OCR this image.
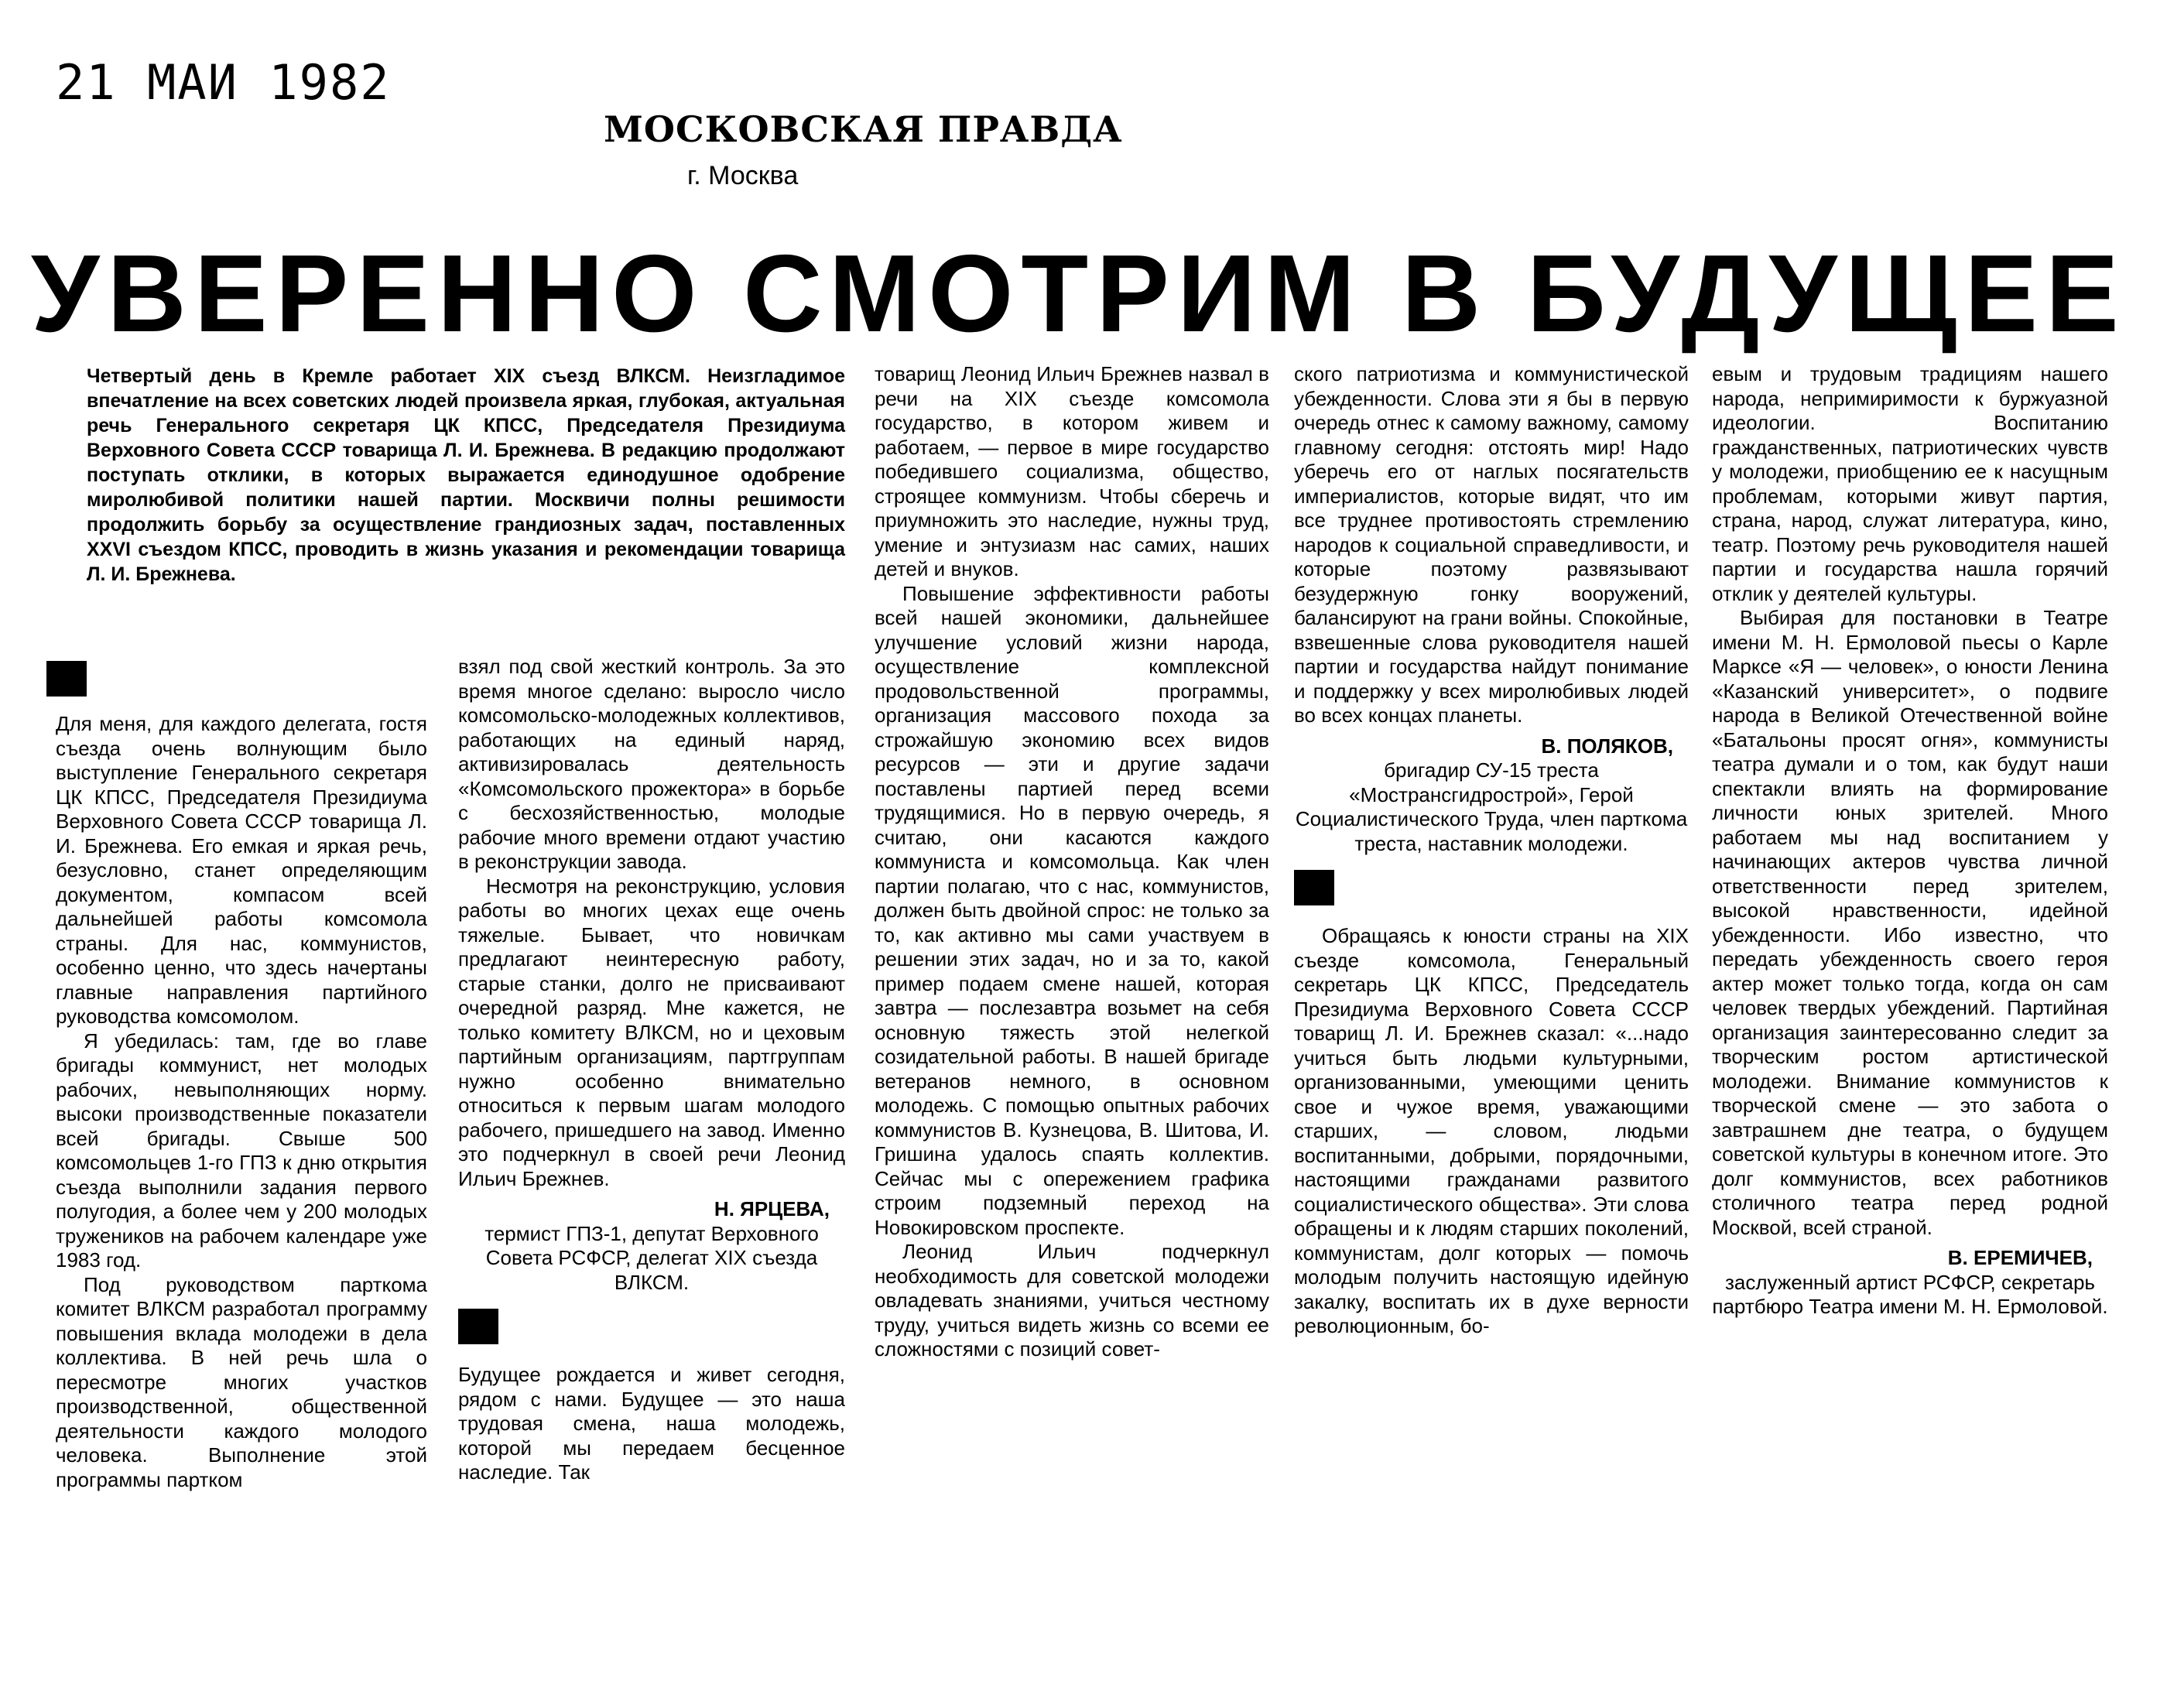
21 МАИ 1982
МОСКОВСКАЯ ПРАВДА
г. Москва
УВЕРЕННО СМОТРИМ В БУДУЩЕЕ
Четвертый день в Кремле работает XIX съезд ВЛКСМ. Неизгладимое впечатление на всех советских людей произвела яркая, глубокая, актуальная речь Генерального секретаря ЦК КПСС, Председателя Президиума Верховного Совета СССР товарища Л. И. Брежнева. В редакцию продолжают поступать отклики, в которых выражается единодушное одобрение миролюбивой политики нашей партии. Москвичи полны решимости продолжить борьбу за осуществление грандиозных задач, поставленных XXVI съездом КПСС, проводить в жизнь указания и рекомендации товарища Л. И. Брежнева.

Для меня, для каждого делегата, гостя съезда очень волнующим было выступление Генерального секретаря ЦК КПСС, Председателя Президиума Верховного Совета СССР товарища Л. И. Брежнева. Его емкая и яркая речь, безусловно, станет определяющим документом, компасом всей дальнейшей работы комсомола страны. Для нас, коммунистов, особенно ценно, что здесь начертаны главные направления партийного руководства комсомолом.

Я убедилась: там, где во главе бригады коммунист, нет молодых рабочих, невыполняющих норму. высоки производственные показатели всей бригады. Свыше 500 комсомольцев 1-го ГПЗ к дню открытия съезда выполнили задания первого полугодия, а более чем у 200 молодых тружеников на рабочем календаре уже 1983 год.

Под руководством парткома комитет ВЛКСМ разработал программу повышения вклада молодежи в дела коллектива. В ней речь шла о пересмотре многих участков производственной, общественной деятельности каждого молодого человека. Выполнение этой программы партком

взял под свой жесткий контроль. За это время многое сделано: выросло число комсомольско-молодежных коллективов, работающих на единый наряд, активизировалась деятельность «Комсомольского прожектора» в борьбе с бесхозяйственностью, молодые рабочие много времени отдают участию в реконструкции завода.

Несмотря на реконструкцию, условия работы во многих цехах еще очень тяжелые. Бывает, что новичкам предлагают неинтересную работу, старые станки, долго не присваивают очередной разряд. Мне кажется, не только комитету ВЛКСМ, но и цеховым партийным организациям, партгруппам нужно особенно внимательно относиться к первым шагам молодого рабочего, пришедшего на завод. Именно это подчеркнул в своей речи Леонид Ильич Брежнев.

Н. ЯРЦЕВА,
термист ГПЗ-1, депутат Верховного Совета РСФСР, делегат XIX съезда ВЛКСМ.

Будущее рождается и живет сегодня, рядом с нами. Будущее — это наша трудовая смена, наша молодежь, которой мы передаем бесценное наследие. Так

товарищ Леонид Ильич Брежнев назвал в речи на XIX съезде комсомола государство, в котором живем и работаем, — первое в мире государство победившего социализма, общество, строящее коммунизм. Чтобы сберечь и приумножить это наследие, нужны труд, умение и энтузиазм нас самих, наших детей и внуков.

Повышение эффективности работы всей нашей экономики, дальнейшее улучшение условий жизни народа, осуществление комплексной продовольственной программы, организация массового похода за строжайшую экономию всех видов ресурсов — эти и другие задачи поставлены партией перед всеми трудящимися. Но в первую очередь, я считаю, они касаются каждого коммуниста и комсомольца. Как член партии полагаю, что с нас, коммунистов, должен быть двойной спрос: не только за то, как активно мы сами участвуем в решении этих задач, но и за то, какой пример подаем смене нашей, которая завтра — послезавтра возьмет на себя основную тяжесть этой нелегкой созидательной работы. В нашей бригаде ветеранов немного, в основном молодежь. С помощью опытных рабочих коммунистов В. Кузнецова, В. Шитова, И. Гришина удалось спаять коллектив. Сейчас мы с опережением графика строим подземный переход на Новокировском проспекте.

Леонид Ильич подчеркнул необходимость для советской молодежи овладевать знаниями, учиться честному труду, учиться видеть жизнь со всеми ее сложностями с позиций совет-

ского патриотизма и коммунистической убежденности. Слова эти я бы в первую очередь отнес к самому важному, самому главному сегодня: отстоять мир! Надо уберечь его от наглых посягательств империалистов, которые видят, что им все труднее противостоять стремлению народов к социальной справедливости, и которые поэтому развязывают безудержную гонку вооружений, балансируют на грани войны. Спокойные, взвешенные слова руководителя нашей партии и государства найдут понимание и поддержку у всех миролюбивых людей во всех концах планеты.

В. ПОЛЯКОВ,
бригадир СУ-15 треста «Мострансгидрострой», Герой Социалистического Труда, член парткома треста, наставник молодежи.

Обращаясь к юности страны на XIX съезде комсомола, Генеральный секретарь ЦК КПСС, Председатель Президиума Верховного Совета СССР товарищ Л. И. Брежнев сказал: «...надо учиться быть людьми культурными, организованными, умеющими ценить свое и чужое время, уважающими старших, — словом, людьми воспитанными, добрыми, порядочными, настоящими гражданами развитого социалистического общества». Эти слова обращены и к людям старших поколений, коммунистам, долг которых — помочь молодым получить настоящую идейную закалку, воспитать их в духе верности революционным, бо-

евым и трудовым традициям нашего народа, непримиримости к буржуазной идеологии. Воспитанию гражданственных, патриотических чувств у молодежи, приобщению ее к насущным проблемам, которыми живут партия, страна, народ, служат литература, кино, театр. Поэтому речь руководителя нашей партии и государства нашла горячий отклик у деятелей культуры.

Выбирая для постановки в Театре имени М. Н. Ермоловой пьесы о Карле Марксе «Я — человек», о юности Ленина «Казанский университет», о подвиге народа в Великой Отечественной войне «Батальоны просят огня», коммунисты театра думали и о том, как будут наши спектакли влиять на формирование личности юных зрителей. Много работаем мы над воспитанием у начинающих актеров чувства личной ответственности перед зрителем, высокой нравственности, идейной убежденности. Ибо известно, что передать убежденность своего героя актер может только тогда, когда он сам человек твердых убеждений. Партийная организация заинтересованно следит за творческим ростом артистической молодежи. Внимание коммунистов к творческой смене — это забота о завтрашнем дне театра, о будущем советской культуры в конечном итоге. Это долг коммунистов, всех работников столичного театра перед родной Москвой, всей страной.

В. ЕРЕМИЧЕВ,
заслуженный артист РСФСР, секретарь партбюро Театра имени М. Н. Ермоловой.
